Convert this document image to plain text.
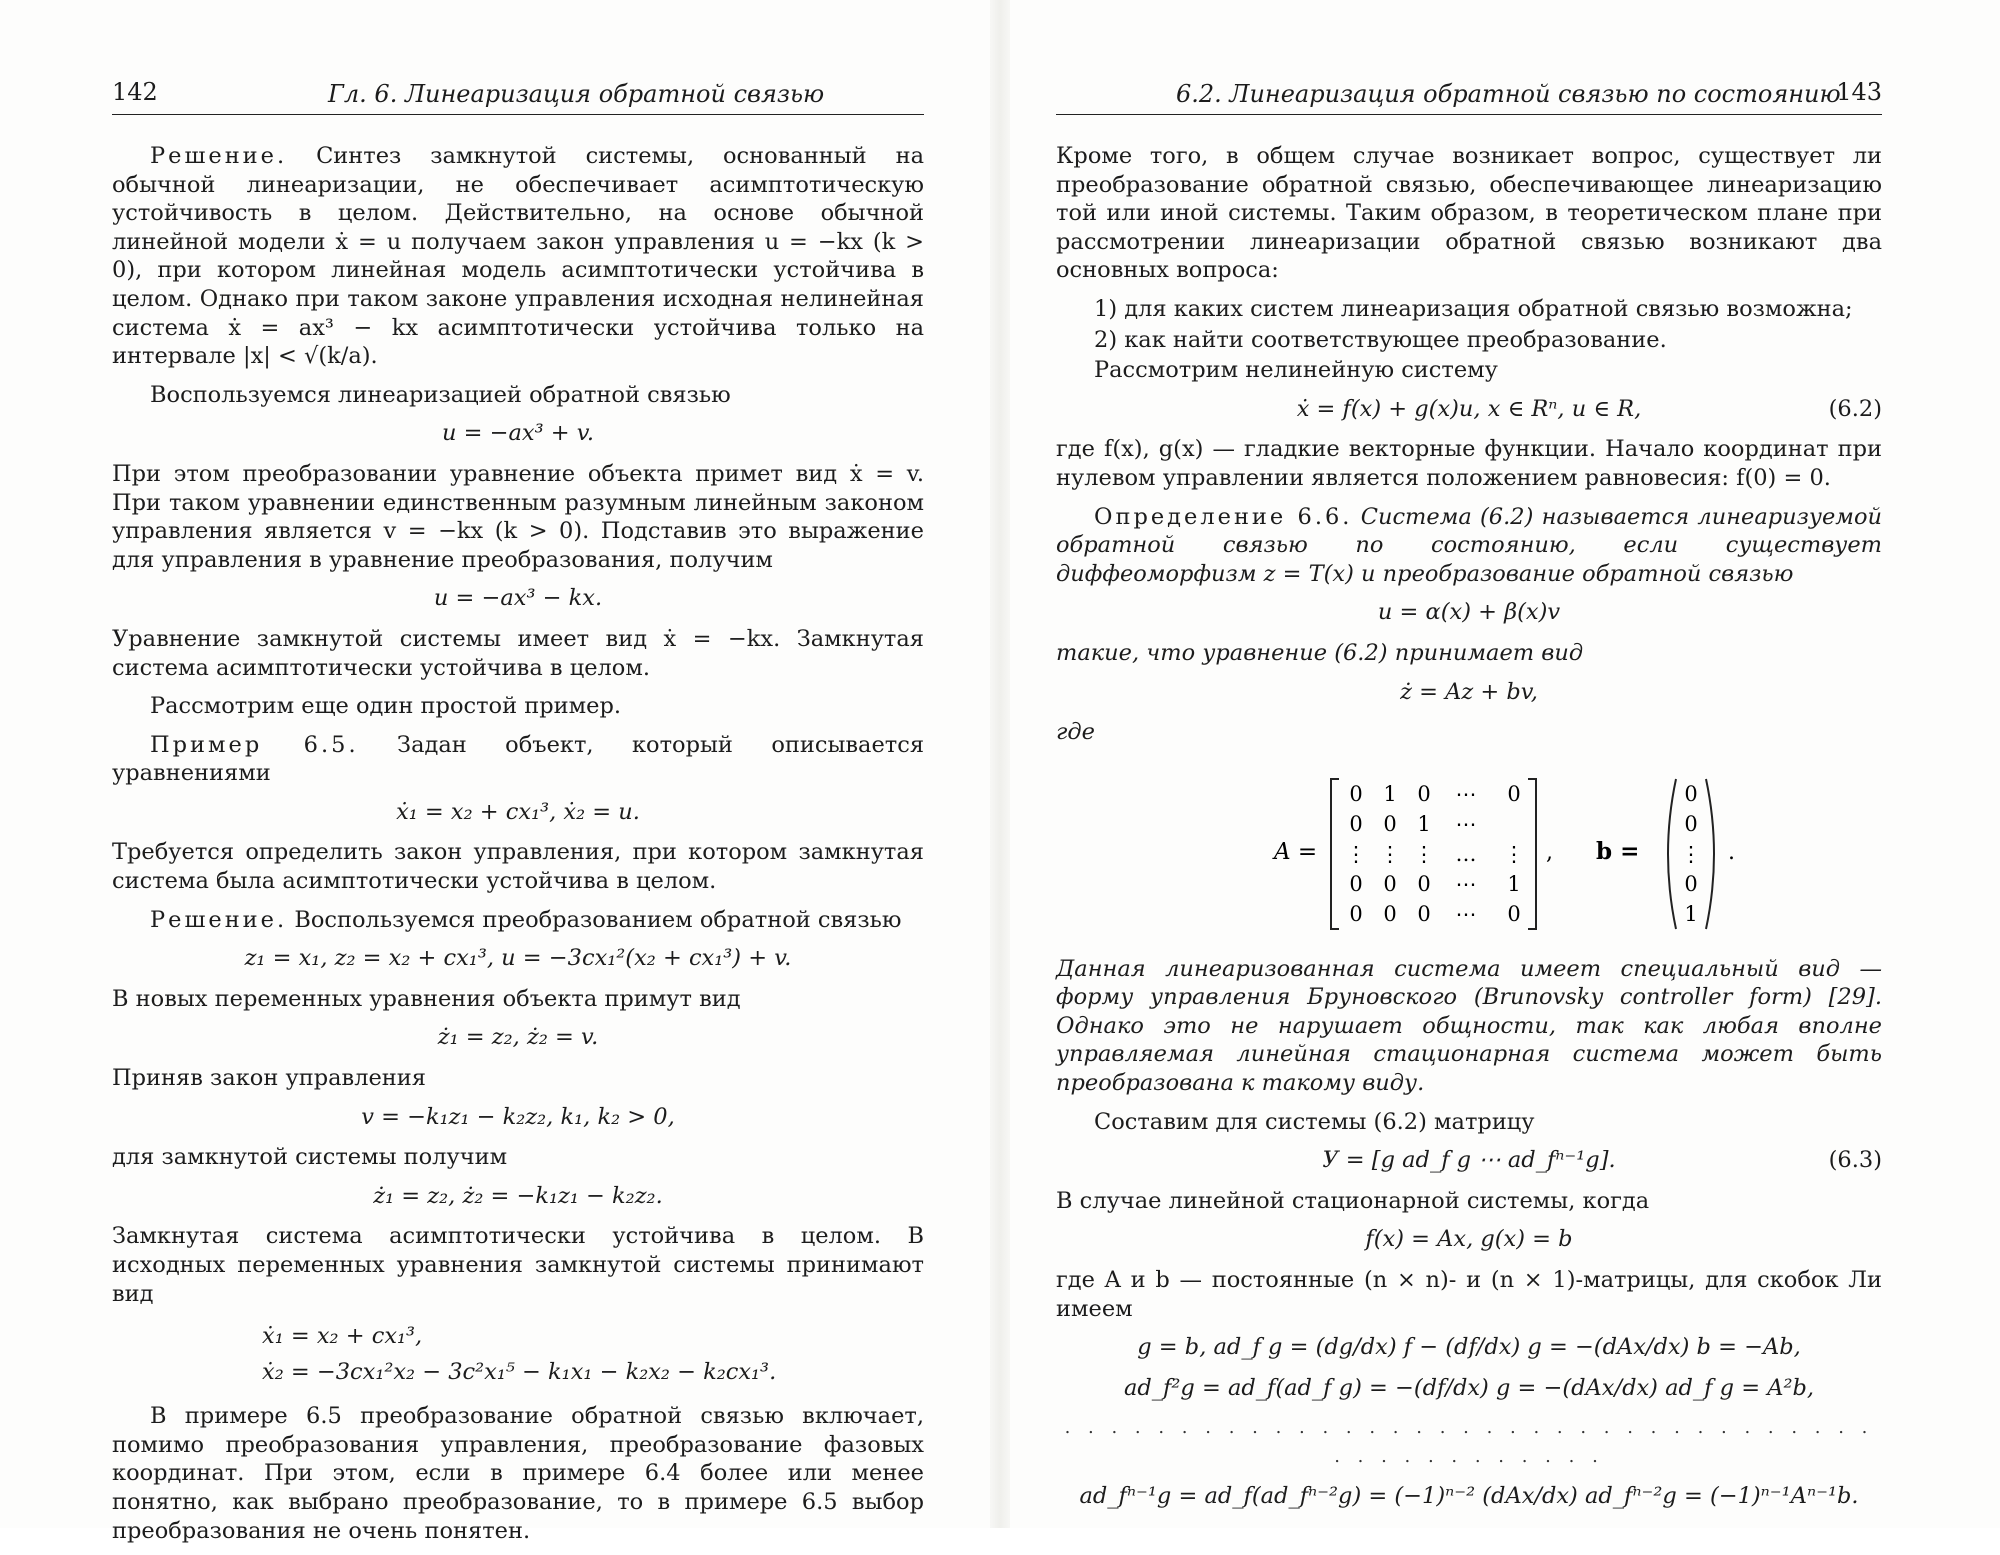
142	Гл. 6. Линеаризация обратной связью

Решение. Синтез замкнутой системы, основанный на обычной линеаризации, не обеспечивает асимптотическую устойчивость в целом. Действительно, на основе обычной линейной модели ẋ = u получаем закон управления u = −kx (k > 0), при котором линейная модель асимптотически устойчива в целом. Однако при таком законе управления исходная нелинейная система ẋ = ax³ − kx асимптотически устойчива только на интервале |x| < √(k/a).

Воспользуемся линеаризацией обратной связью

u = −ax³ + v.

При этом преобразовании уравнение объекта примет вид ẋ = v. При таком уравнении единственным разумным линейным законом управления является v = −kx (k > 0). Подставив это выражение для управления в уравнение преобразования, получим

u = −ax³ − kx.

Уравнение замкнутой системы имеет вид ẋ = −kx. Замкнутая система асимптотически устойчива в целом.

Рассмотрим еще один простой пример.

Пример 6.5. Задан объект, который описывается уравнениями

ẋ₁ = x₂ + cx₁³, ẋ₂ = u.

Требуется определить закон управления, при котором замкнутая система была асимптотически устойчива в целом.

Решение. Воспользуемся преобразованием обратной связью

z₁ = x₁, z₂ = x₂ + cx₁³, u = −3cx₁²(x₂ + cx₁³) + v.

В новых переменных уравнения объекта примут вид

ż₁ = z₂, ż₂ = v.

Приняв закон управления

v = −k₁z₁ − k₂z₂, k₁, k₂ > 0,

для замкнутой системы получим

ż₁ = z₂, ż₂ = −k₁z₁ − k₂z₂.

Замкнутая система асимптотически устойчива в целом. В исходных переменных уравнения замкнутой системы принимают вид

ẋ₁ = x₂ + cx₁³,
ẋ₂ = −3cx₁²x₂ − 3c²x₁⁵ − k₁x₁ − k₂x₂ − k₂cx₁³.

В примере 6.5 преобразование обратной связью включает, помимо преобразования управления, преобразование фазовых координат. При этом, если в примере 6.4 более или менее понятно, как выбрано преобразование, то в примере 6.5 выбор преобразования не очень понятен.

6.2. Линеаризация обратной связью по состоянию
143

Кроме того, в общем случае возникает вопрос, существует ли преобразование обратной связью, обеспечивающее линеаризацию той или иной системы. Таким образом, в теоретическом плане при рассмотрении линеаризации обратной связью возникают два основных вопроса:

1) для каких систем линеаризация обратной связью возможна;
2) как найти соответствующее преобразование.

Рассмотрим нелинейную систему

ẋ = f(x) + g(x)u, x ∈ Rⁿ, u ∈ R,	(6.2)

где f(x), g(x) — гладкие векторные функции. Начало координат при нулевом управлении является положением равновесия: f(0) = 0.

Определение 6.6. Система (6.2) называется линеаризуемой обратной связью по состоянию, если существует диффеоморфизм z = T(x) и преобразование обратной связью

u = α(x) + β(x)v

такие, что уравнение (6.2) принимает вид

ż = Az + bv,

где

A =
0 1 0 ⋯ 0
0 0 1 ⋯
⋮ ⋮ ⋮ … ⋮
0 0 0 ⋯ 1
0 0 0 ⋯ 0
, b =
0
0
⋮
0
1
.

Данная линеаризованная система имеет специальный вид — форму управления Бруновского (Brunovsky controller form) [29]. Однако это не нарушает общности, так как любая вполне управляемая линейная стационарная система может быть преобразована к такому виду.

Составим для системы (6.2) матрицу

У = [g ad_f g ⋯ ad_fⁿ⁻¹g].	(6.3)

В случае линейной стационарной системы, когда

f(x) = Ax, g(x) = b

где A и b — постоянные (n × n)- и (n × 1)-матрицы, для скобок Ли имеем

g = b, ad_f g = (dg/dx) f − (df/dx) g = −(dAx/dx) b = −Ab,
ad_f²g = ad_f(ad_f g) = −(df/dx) g = −(dAx/dx) ad_f g = A²b,
. . . . . . . . . . . . . . . . . . . . . . . . . . . . . . . . . . . . . . . . . . . . . . .
ad_fⁿ⁻¹g = ad_f(ad_fⁿ⁻²g) = (−1)ⁿ⁻² (dAx/dx) ad_fⁿ⁻²g = (−1)ⁿ⁻¹Aⁿ⁻¹b.
